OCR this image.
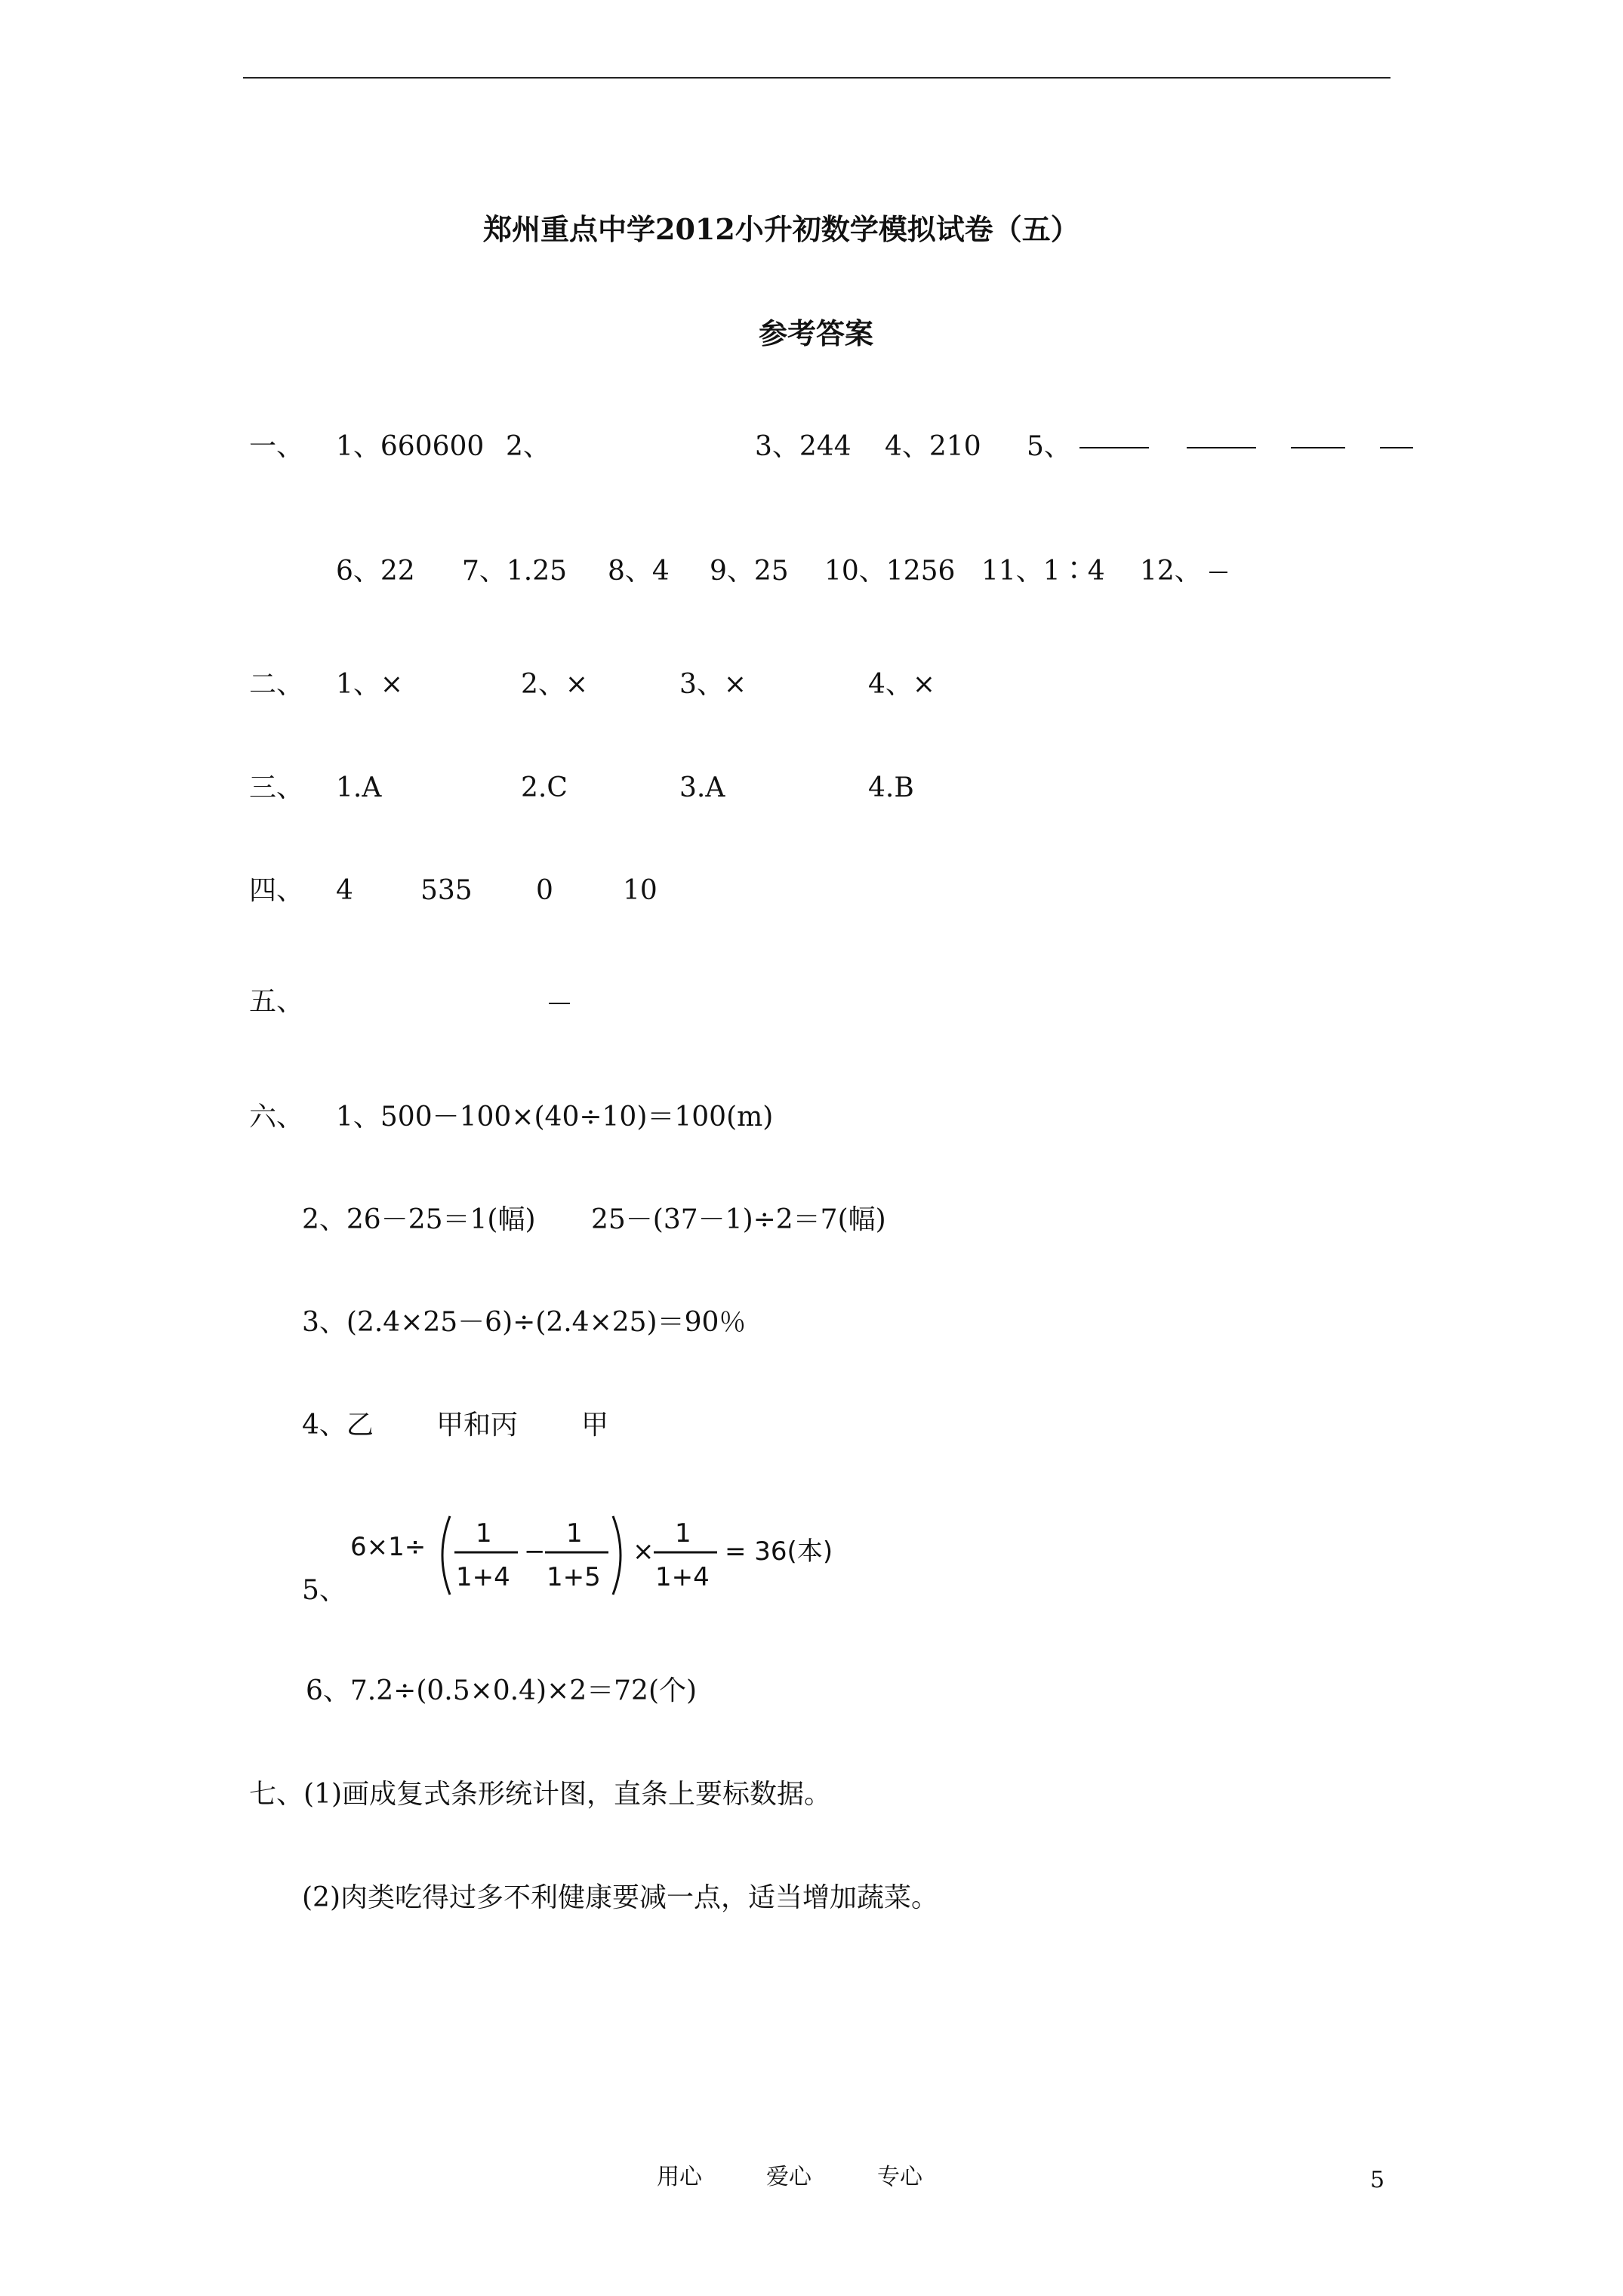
郑州重点中学2012小升初数学模拟试卷（五）
参考答案
一、 1、660600 2、	3、244 4、210 5、
6、22 7、1.25 8、4 9、25 10、1256 11、1∶4 12、
二、 1、×	2、×	3、×	4、×
三、 1.A	2.C	3.A	4.B
四、 4 535 0	10
五、
六、 1、500－100×(40÷10)＝100(m)
2、26－25＝1(幅) 25－(37－1)÷2＝7(幅)
3、(2.4×25－6)÷(2.4×25)＝90％
4、乙 甲和丙 甲
5、
6×1÷ 1
1+4
−
1
1+5
×
1
1+4
= 36(本)
6、7.2÷(0.5×0.4)×2＝72(个)
七、(1)画成复式条形统计图，直条上要标数据。
(2)肉类吃得过多不利健康要减一点，适当增加蔬菜。
用心	爱心	专心	5
